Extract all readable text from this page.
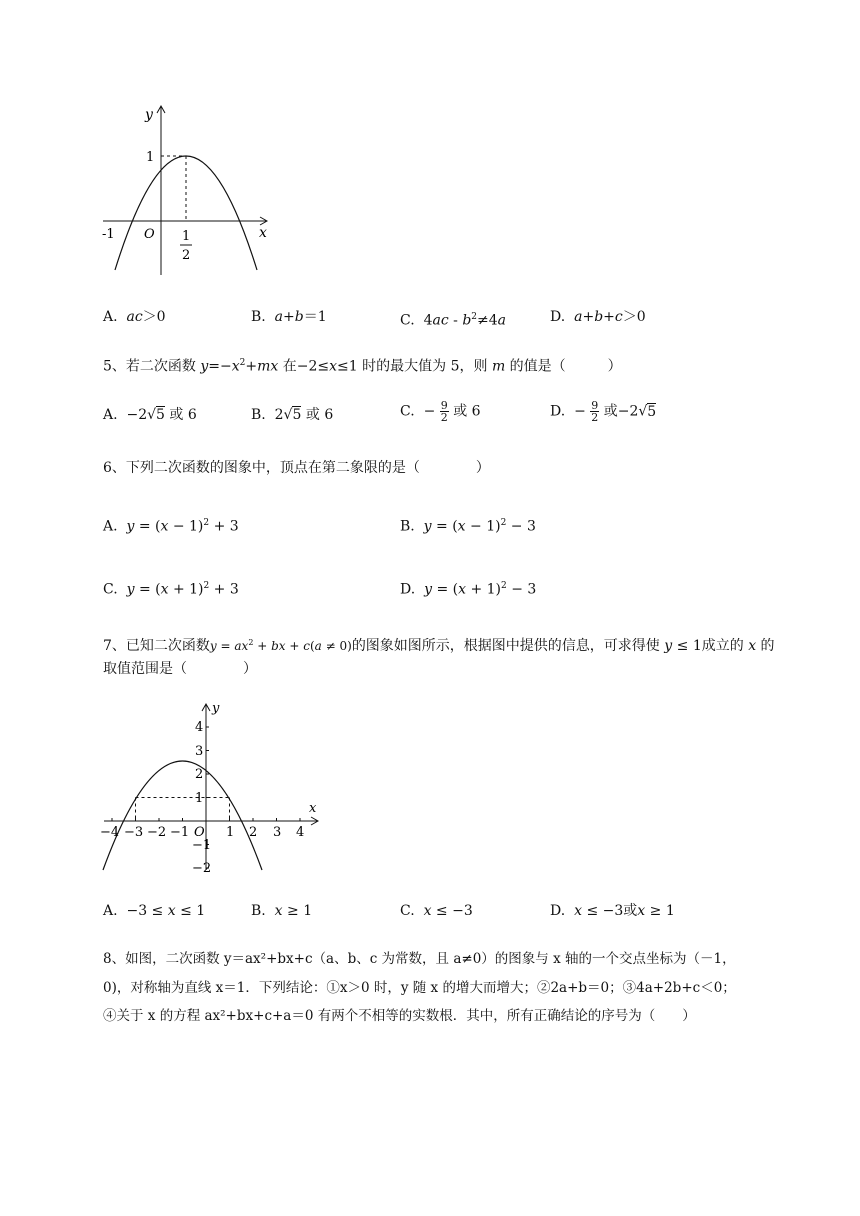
y
1
-1 O	x
1
2
A. ac＞0	B. a+b＝1	C.  $4ac - b^2\ne 4a$	D. a+b+c＞0
5、若二次函数 $y=-x^2+mx$ 在−2≤x≤1 时的最大值为 5，则 m 的值是（　　　）
A.  −2√5 或 6	B.  2√5 或 6	C.  − $\frac{9}{2}$ 或 6	D.  − $\frac{9}{2}$ 或−2√5
6、下列二次函数的图象中，顶点在第二象限的是（　　　　）
A. $y = (x - 1)^2 + 3$	B. $y = (x - 1)^2 - 3$
C. $y = (x + 1)^2 + 3$	D. $y = (x + 1)^2 - 3$
7、已知二次函数$y = ax^2$ + bx + c(a ≠ 0)的图象如图所示，根据图中提供的信息，可求得使 y ≤ 1成立的 x 的
取值范围是（　　　　）
y
x
O
−4 −3 −2 −1	1 2 3 4
4
3
2
1
−1
−2
A.  −3 ≤ x ≤ 1	B. x ≥ 1	C. x ≤ −3	D. x ≤ −3或x ≥ 1
8、如图，二次函数 y＝ax²+bx+c（a、b、c 为常数，且 a≠0）的图象与 x 轴的一个交点坐标为（－1，
0)，对称轴为直线 x＝1．下列结论：①x＞0 时，y 随 x 的增大而增大；②2a+b＝0；③4a+2b+c＜0；
④关于 x 的方程 ax²+bx+c+a＝0 有两个不相等的实数根．其中，所有正确结论的序号为（　　）
